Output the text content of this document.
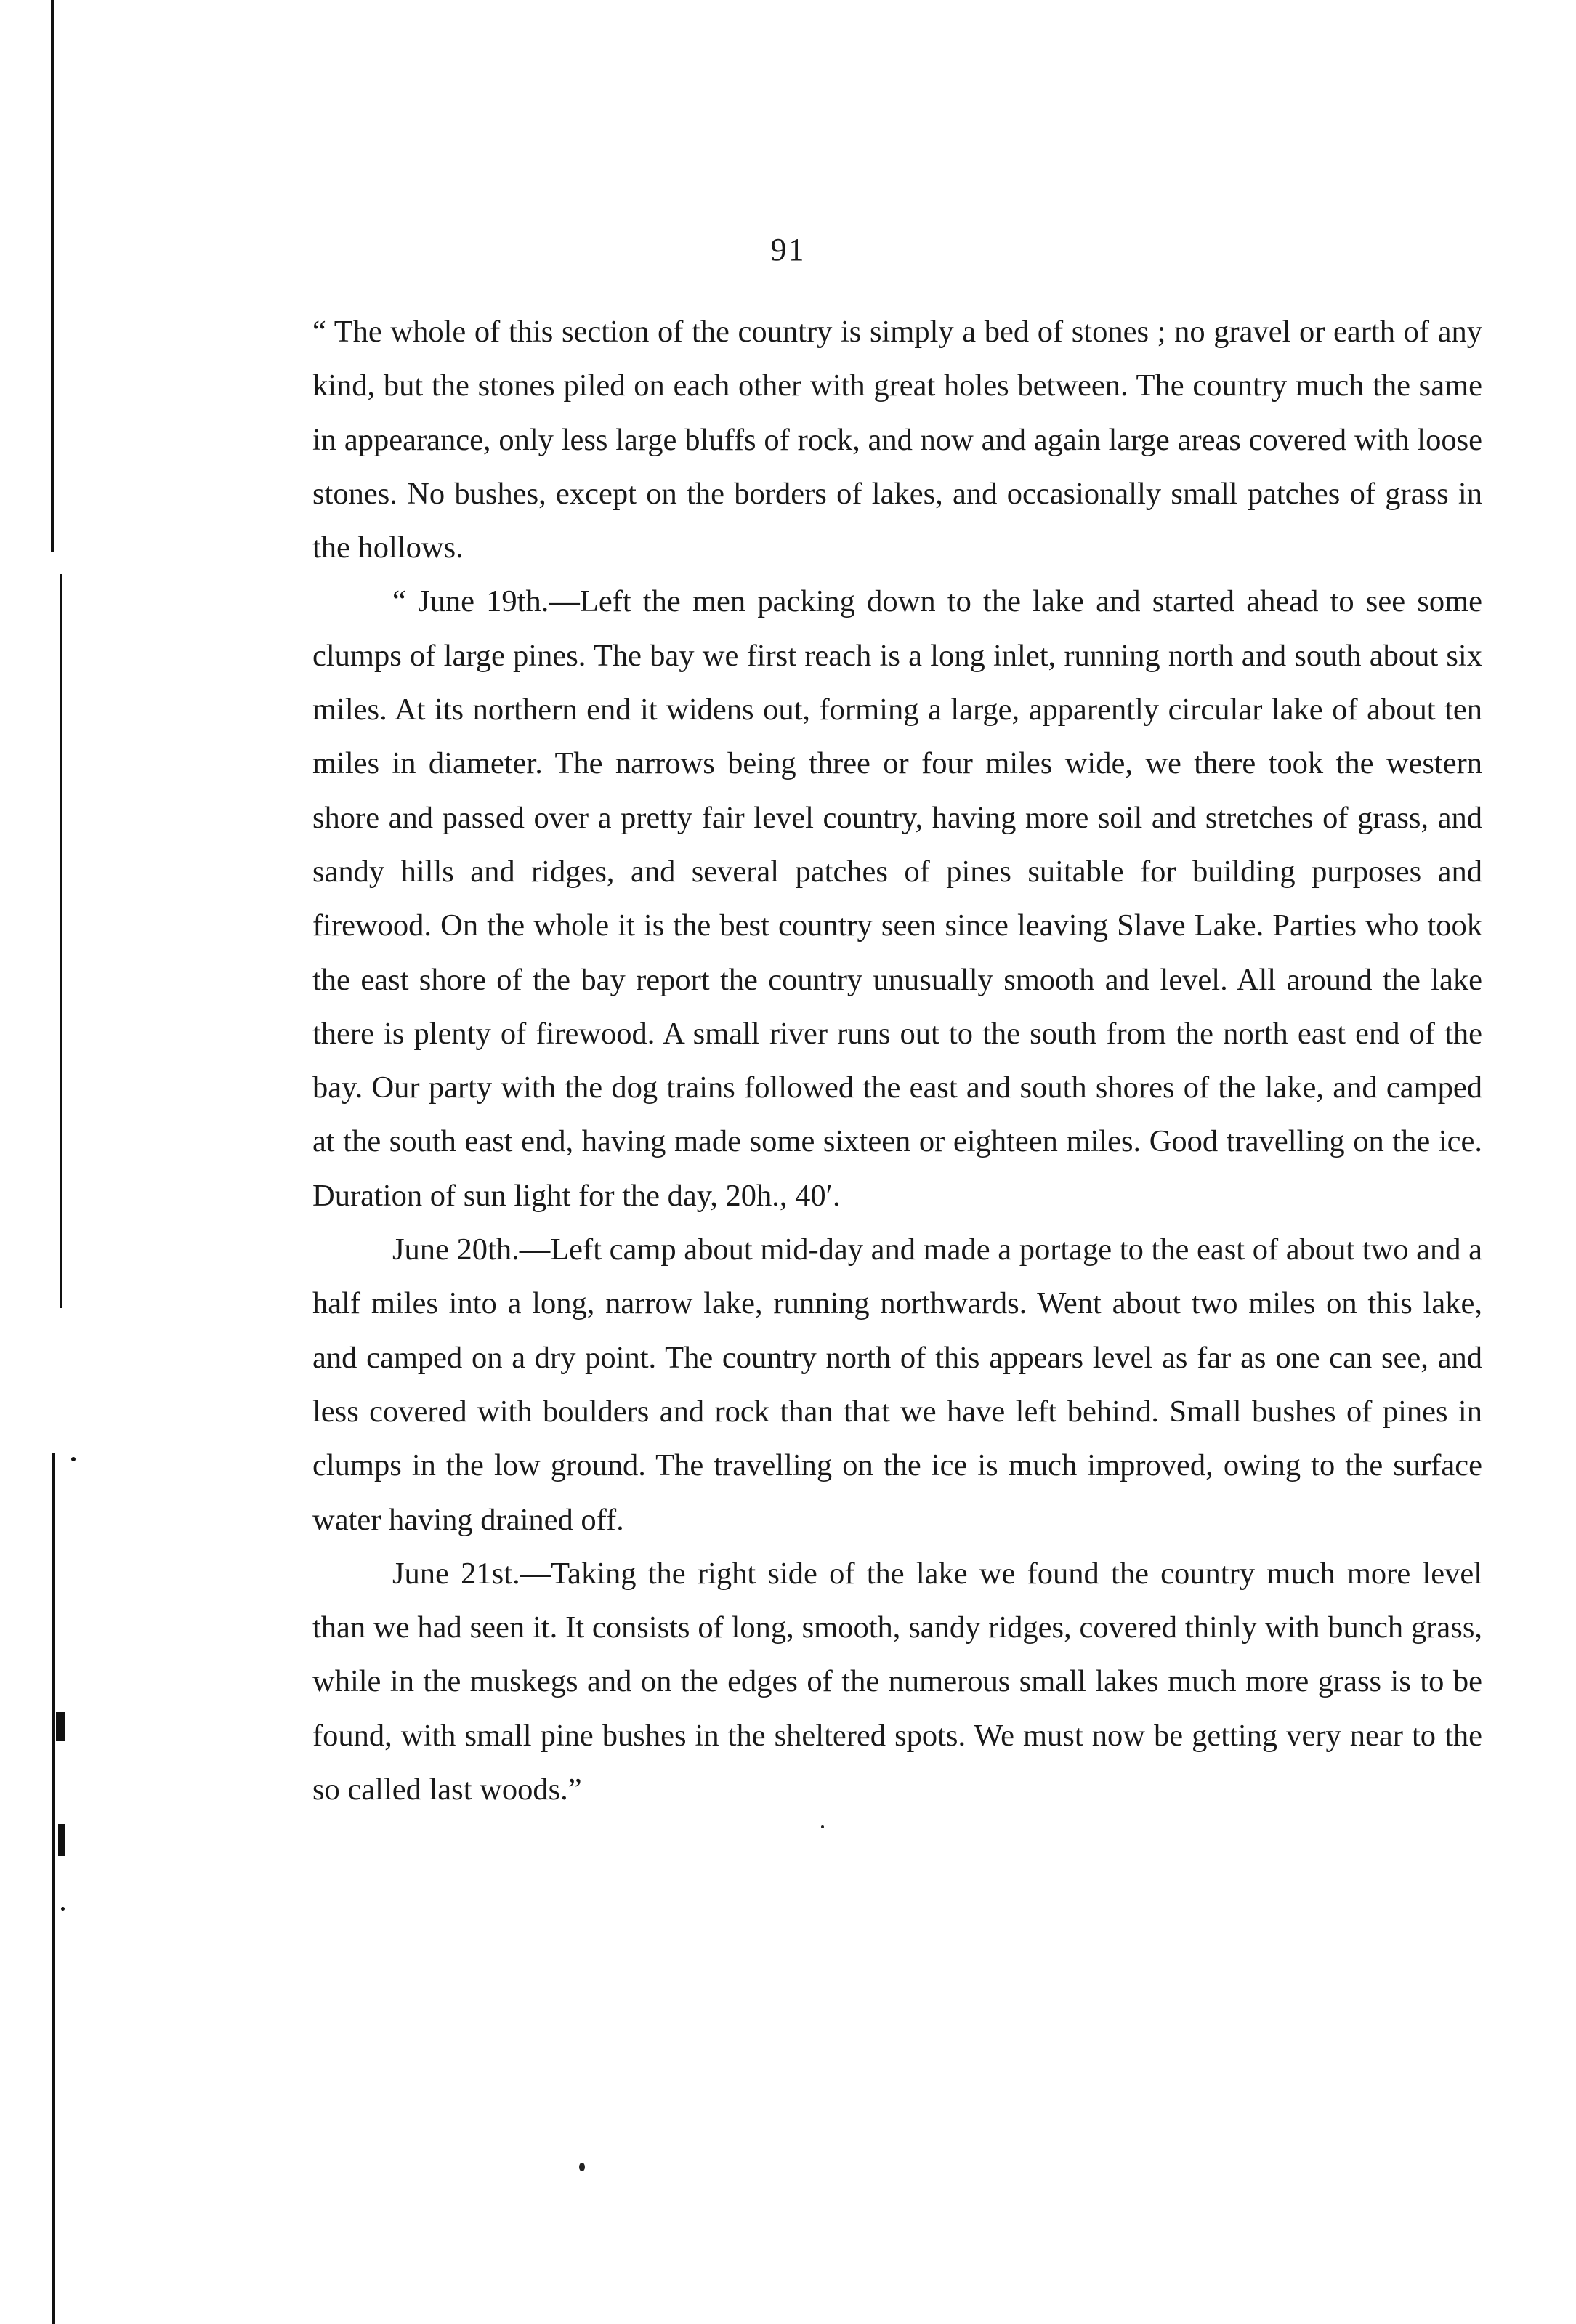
91

“ The whole of this section of the country is simply a bed of stones ; no gravel or earth of any kind, but the stones piled on each other with great holes between. The country much the same in appearance, only less large bluffs of rock, and now and again large areas covered with loose stones. No bushes, except on the borders of lakes, and occasionally small patches of grass in the hollows.

“ June 19th.—Left the men packing down to the lake and started ahead to see some clumps of large pines. The bay we first reach is a long inlet, running north and south about six miles. At its northern end it widens out, forming a large, apparently circular lake of about ten miles in diameter. The narrows being three or four miles wide, we there took the western shore and passed over a pretty fair level country, having more soil and stretches of grass, and sandy hills and ridges, and several patches of pines suitable for building purposes and firewood. On the whole it is the best country seen since leaving Slave Lake. Parties who took the east shore of the bay report the country unusually smooth and level. All around the lake there is plenty of firewood. A small river runs out to the south from the north east end of the bay. Our party with the dog trains followed the east and south shores of the lake, and camped at the south east end, having made some sixteen or eighteen miles. Good travelling on the ice. Duration of sun light for the day, 20h., 40′.

June 20th.—Left camp about mid-day and made a portage to the east of about two and a half miles into a long, narrow lake, running northwards. Went about two miles on this lake, and camped on a dry point. The country north of this appears level as far as one can see, and less covered with boulders and rock than that we have left behind. Small bushes of pines in clumps in the low ground. The travelling on the ice is much improved, owing to the surface water having drained off.

June 21st.—Taking the right side of the lake we found the country much more level than we had seen it. It consists of long, smooth, sandy ridges, covered thinly with bunch grass, while in the muskegs and on the edges of the numerous small lakes much more grass is to be found, with small pine bushes in the sheltered spots. We must now be getting very near to the so called last woods.”
